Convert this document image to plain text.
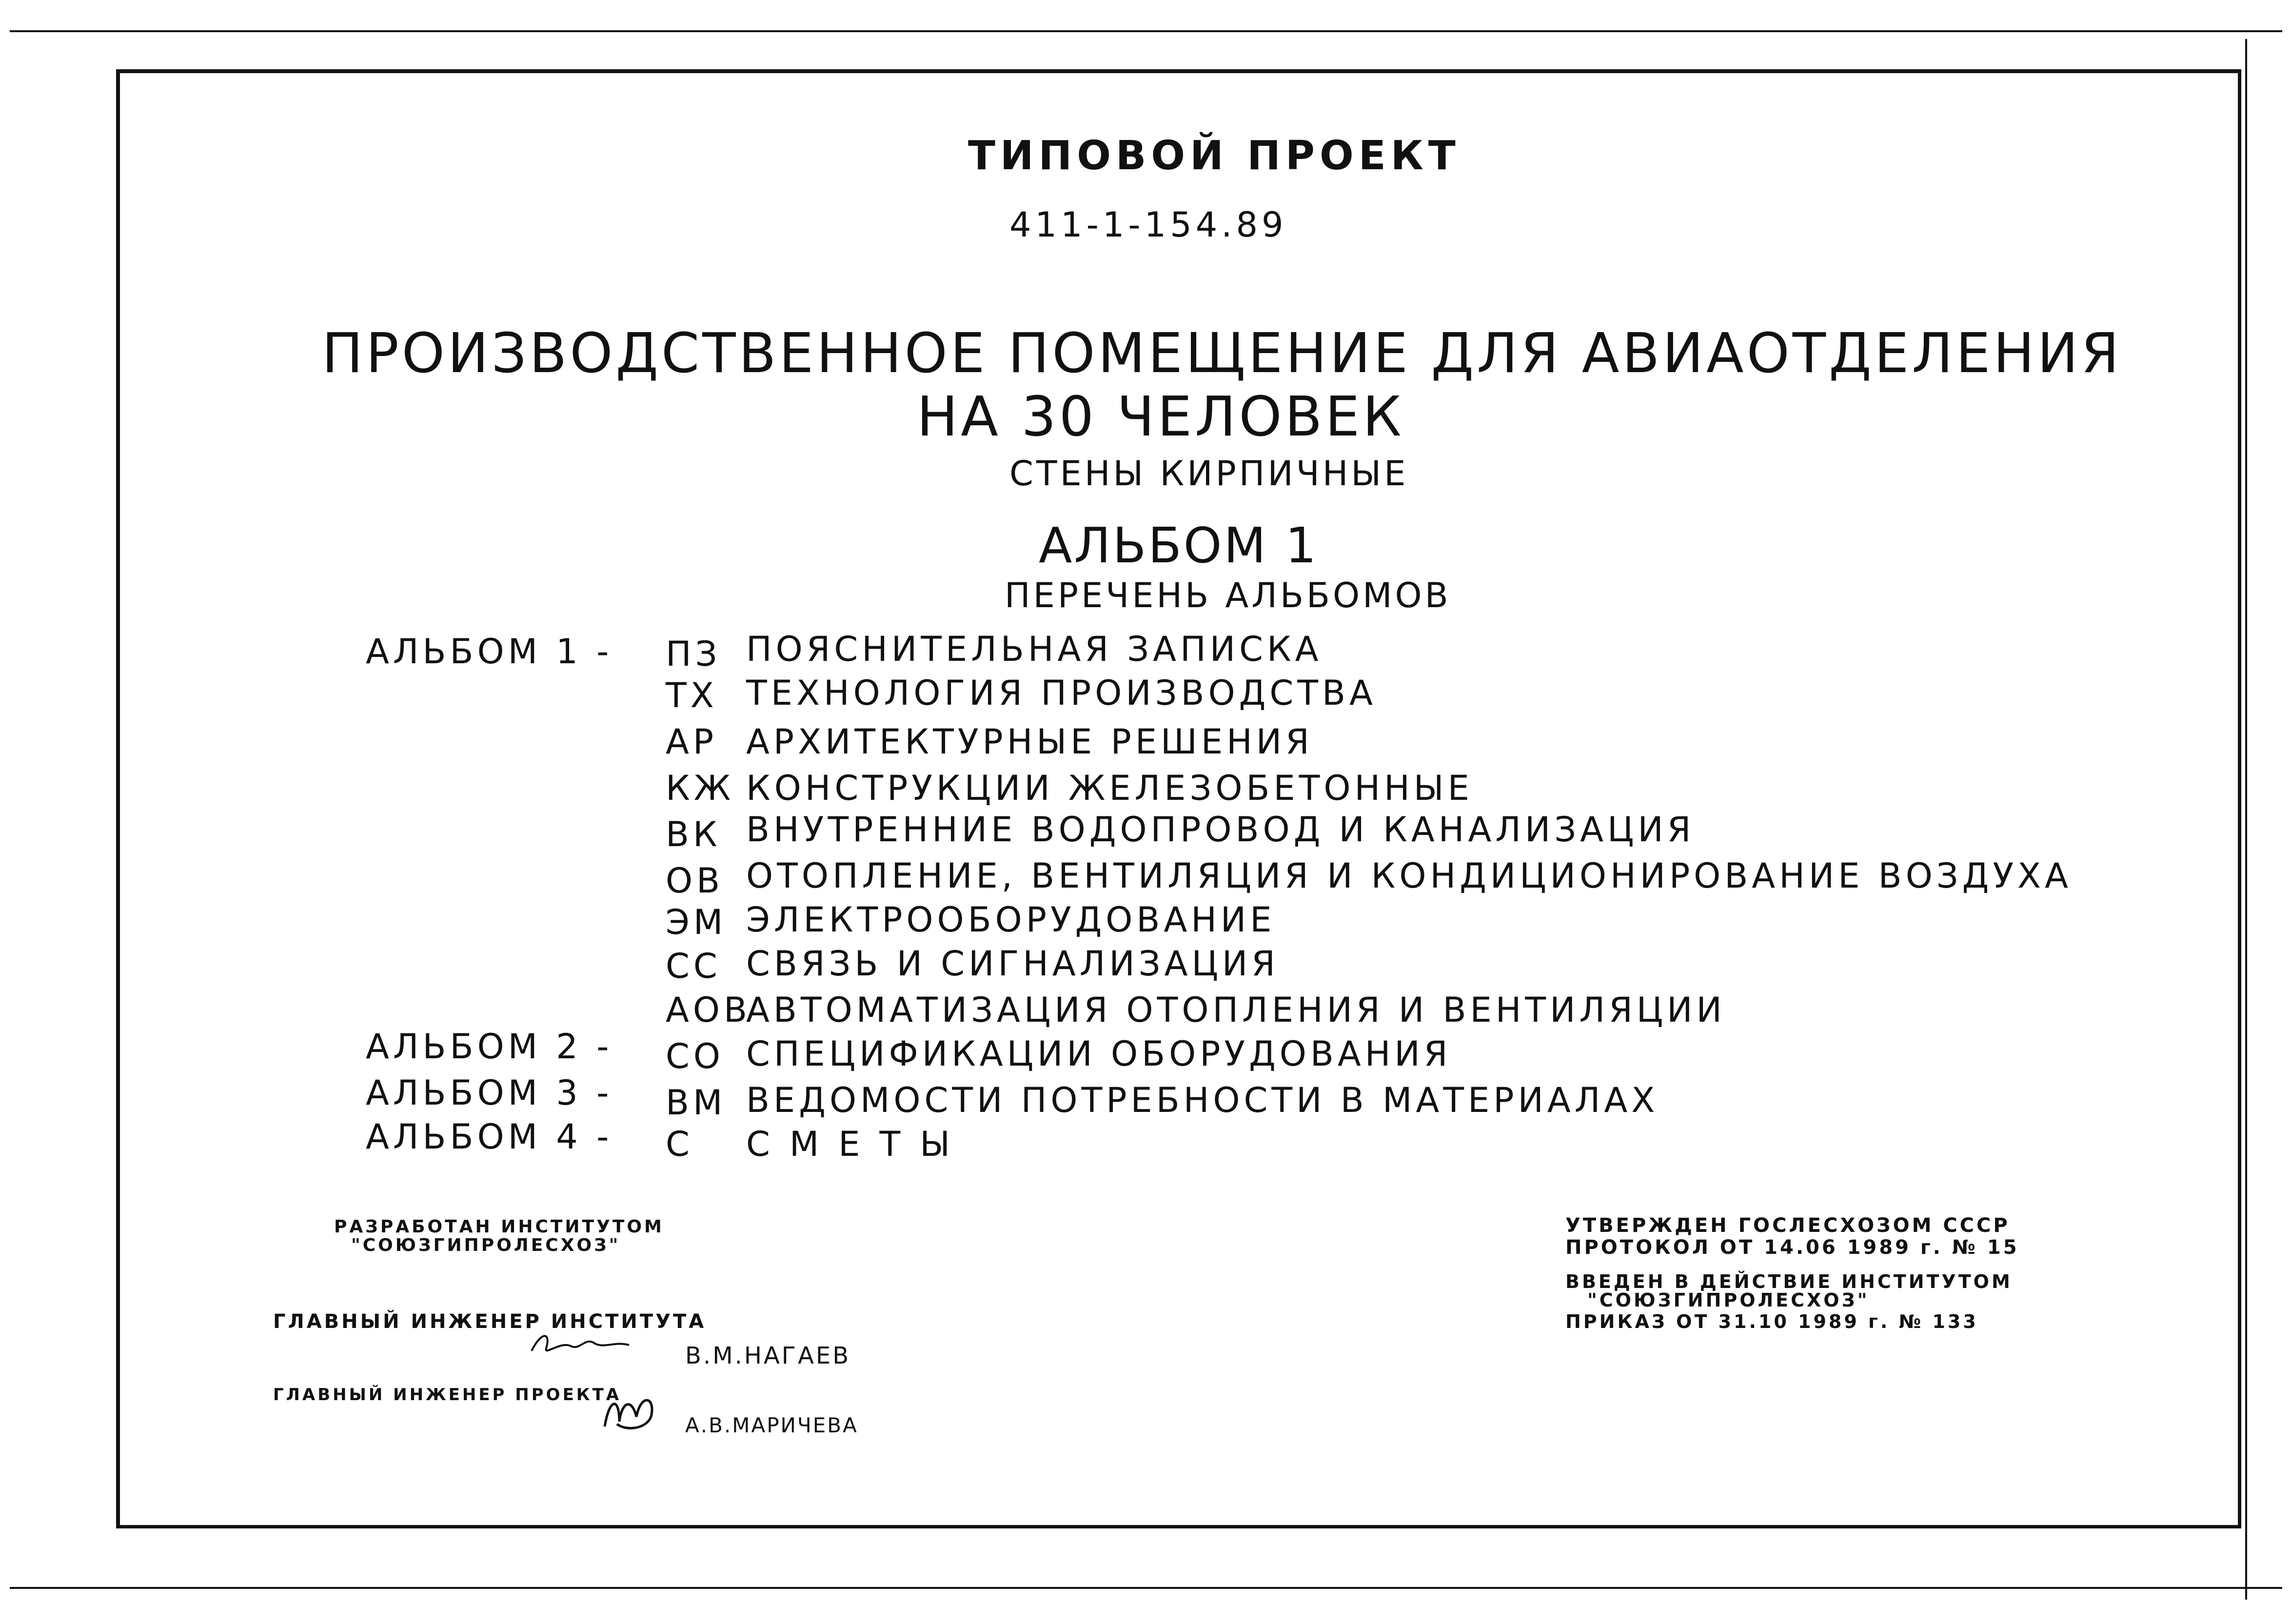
ТИПОВОЙ ПРОЕКТ
411-1-154.89
ПРОИЗВОДСТВЕННОЕ ПОМЕЩЕНИЕ ДЛЯ АВИАОТДЕЛЕНИЯ
НА 30 ЧЕЛОВЕК
СТЕНЫ КИРПИЧНЫЕ
АЛЬБОМ 1
ПЕРЕЧЕНЬ АЛЬБОМОВ
АЛЬБОМ 1 - ПЗ ПОЯСНИТЕЛЬНАЯ ЗАПИСКА
ТХ ТЕХНОЛОГИЯ ПРОИЗВОДСТВА
АР АРХИТЕКТУРНЫЕ РЕШЕНИЯ
КЖ КОНСТРУКЦИИ ЖЕЛЕЗОБЕТОННЫЕ
ВК ВНУТРЕННИЕ ВОДОПРОВОД И КАНАЛИЗАЦИЯ
ОВ ОТОПЛЕНИЕ, ВЕНТИЛЯЦИЯ И КОНДИЦИОНИРОВАНИЕ ВОЗДУХА
ЭМ ЭЛЕКТРООБОРУДОВАНИЕ
СС СВЯЗЬ И СИГНАЛИЗАЦИЯ
АОВ
АВТОМАТИЗАЦИЯ ОТОПЛЕНИЯ И ВЕНТИЛЯЦИИ
АЛЬБОМ 2 - СО СПЕЦИФИКАЦИИ ОБОРУДОВАНИЯ
АЛЬБОМ 3 - ВМ ВЕДОМОСТИ ПОТРЕБНОСТИ В МАТЕРИАЛАХ
АЛЬБОМ 4 - С СМЕТЫ
РАЗРАБОТАН ИНСТИТУТОМ
"СОЮЗГИПРОЛЕСХОЗ"
ГЛАВНЫЙ ИНЖЕНЕР ИНСТИТУТА
В.М.НАГАЕВ
ГЛАВНЫЙ ИНЖЕНЕР ПРОЕКТА
А.В.МАРИЧЕВА
УТВЕРЖДЕН ГОСЛЕСХОЗОМ СССР
ПРОТОКОЛ ОТ 14.06 1989 г. № 15
ВВЕДЕН В ДЕЙСТВИЕ ИНСТИТУТОМ
"СОЮЗГИПРОЛЕСХОЗ"
ПРИКАЗ ОТ 31.10 1989 г. № 133
